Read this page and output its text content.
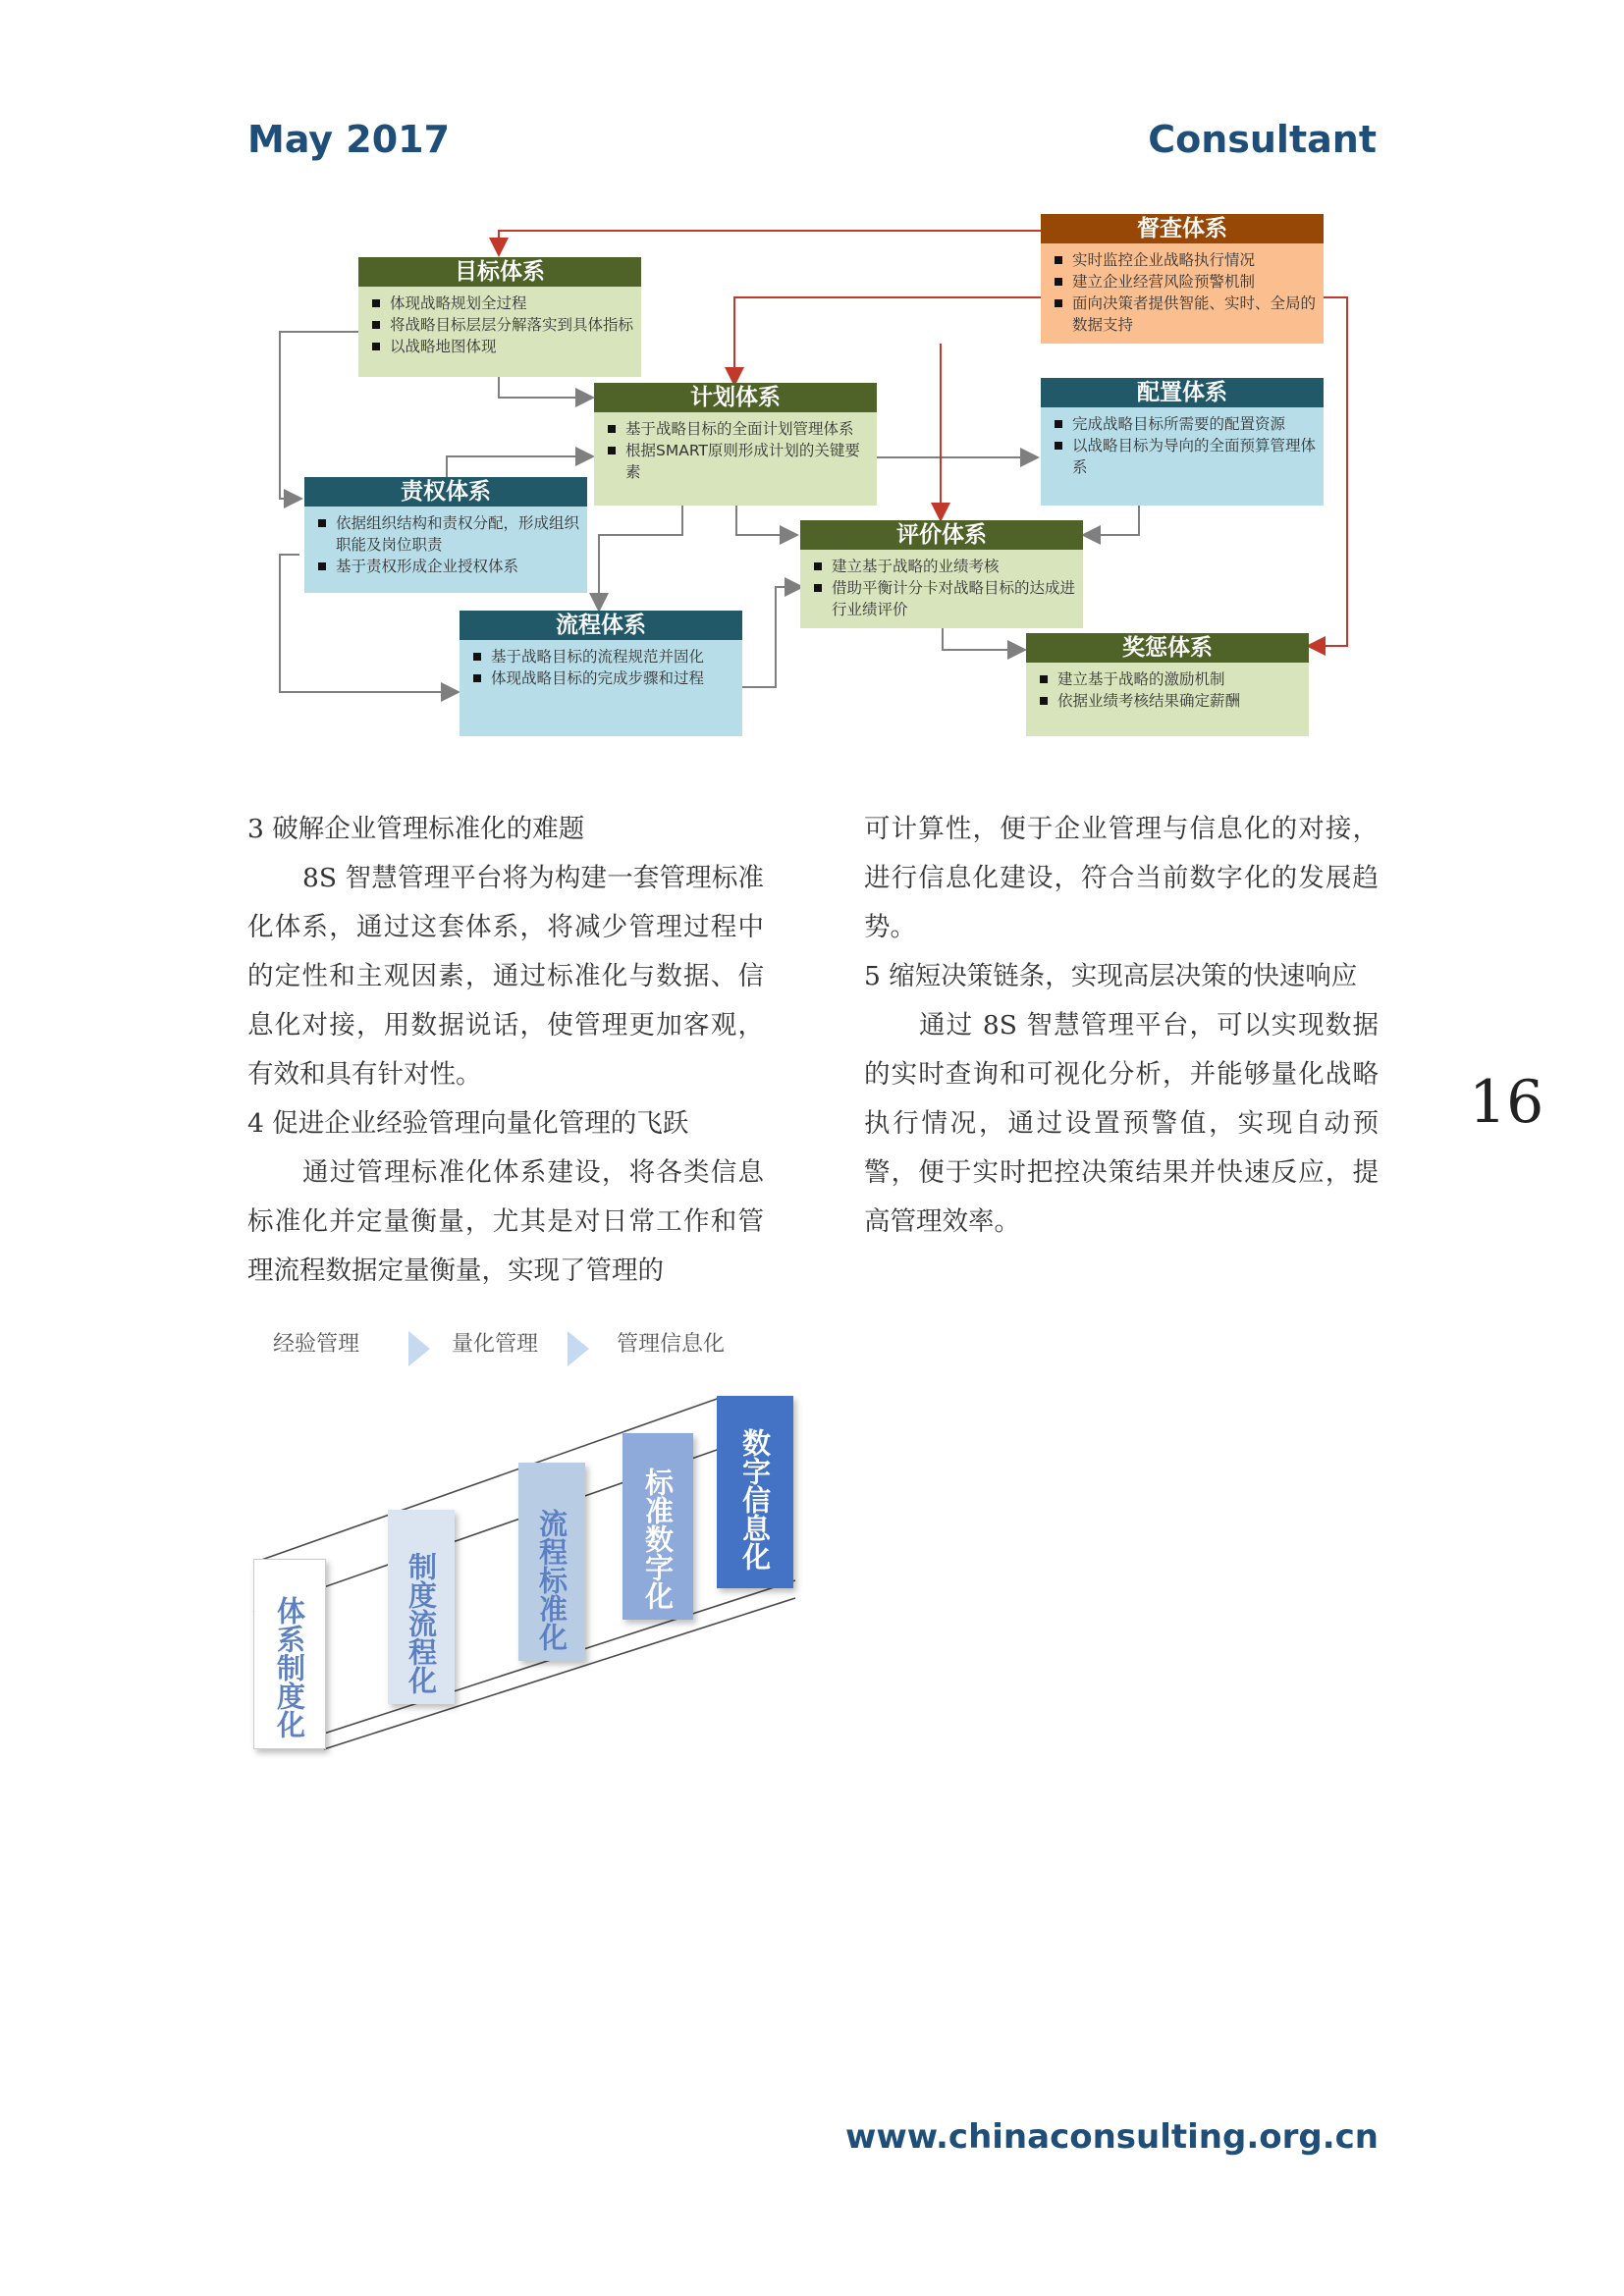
May 2017	Consultant
督查体系
实时监控企业战略执行情况
建立企业经营风险预警机制
面向决策者提供智能、实时、全局的数据支持
目标体系
体现战略规划全过程
将战略目标层层分解落实到具体指标
以战略地图体现
计划体系
基于战略目标的全面计划管理体系
根据SMART原则形成计划的关键要素
配置体系
完成战略目标所需要的配置资源
以战略目标为导向的全面预算管理体系
责权体系
依据组织结构和责权分配，形成组织职能及岗位职责
基于责权形成企业授权体系
评价体系
建立基于战略的业绩考核
借助平衡计分卡对战略目标的达成进行业绩评价
流程体系
基于战略目标的流程规范并固化
体现战略目标的完成步骤和过程
奖惩体系
建立基于战略的激励机制
依据业绩考核结果确定薪酬

3 破解企业管理标准化的难题

8S 智慧管理平台将为构建一套管理标准化体系，通过这套体系，将减少管理过程中的定性和主观因素，通过标准化与数据、信息化对接，用数据说话，使管理更加客观，有效和具有针对性。

4 促进企业经验管理向量化管理的飞跃

通过管理标准化体系建设，将各类信息标准化并定量衡量，尤其是对日常工作和管理流程数据定量衡量，实现了管理的

可计算性，便于企业管理与信息化的对接，进行信息化建设，符合当前数字化的发展趋势。

5 缩短决策链条，实现高层决策的快速响应

通过 8S 智慧管理平台，可以实现数据的实时查询和可视化分析，并能够量化战略执行情况，通过设置预警值，实现自动预警，便于实时把控决策结果并快速反应，提高管理效率。

16
经验管理	量化管理	管理信息化
体系制度化	制度流程化	流程标准化	标准数字化 数字信息化
www.chinaconsulting.org.cn
